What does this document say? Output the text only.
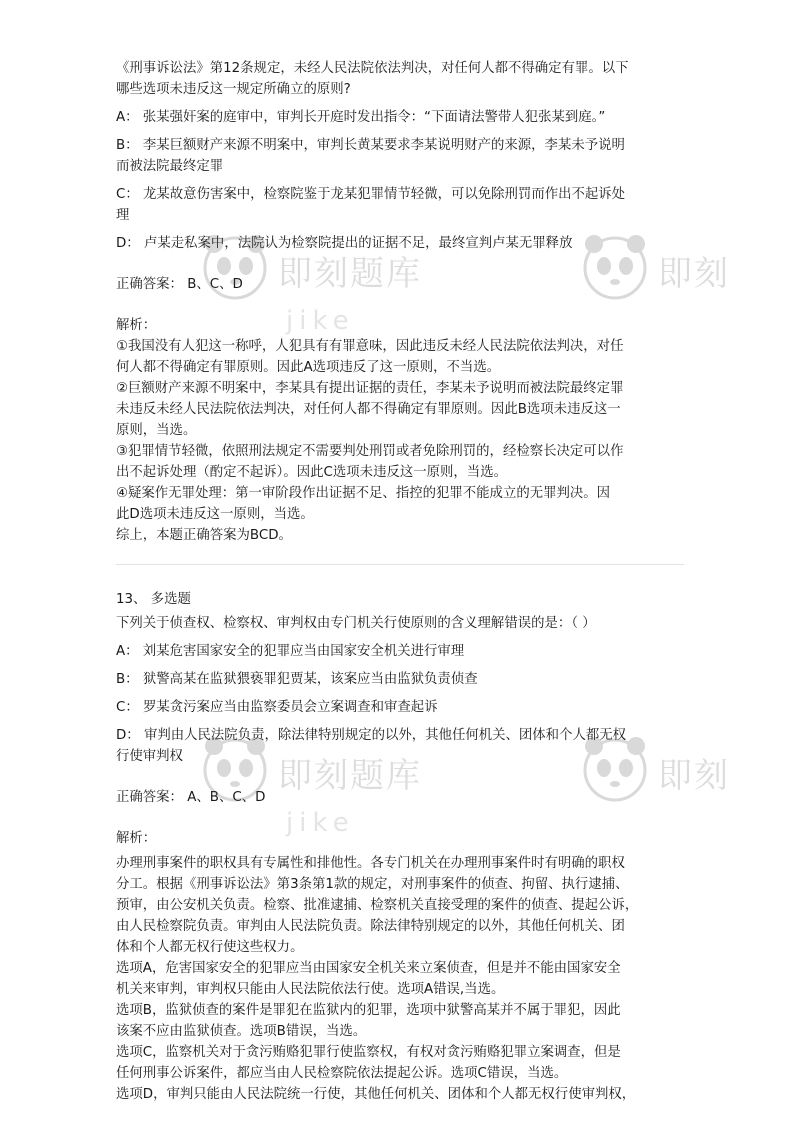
《刑事诉讼法》第12条规定，未经人民法院依法判决，对任何人都不得确定有罪。以下
哪些选项未违反这一规定所确立的原则?
A： 张某强奸案的庭审中，审判长开庭时发出指令：“下面请法警带人犯张某到庭。”
B： 李某巨额财产来源不明案中，审判长黄某要求李某说明财产的来源，李某未予说明
而被法院最终定罪
C： 龙某故意伤害案中，检察院鉴于龙某犯罪情节轻微，可以免除刑罚而作出不起诉处
理
D： 卢某走私案中，法院认为检察院提出的证据不足，最终宣判卢某无罪释放
正确答案： B、C、D
解析：
①我国没有人犯这一称呼，人犯具有有罪意味，因此违反未经人民法院依法判决，对任
何人都不得确定有罪原则。因此A选项违反了这一原则，不当选。
②巨额财产来源不明案中，李某具有提出证据的责任，李某未予说明而被法院最终定罪
未违反未经人民法院依法判决，对任何人都不得确定有罪原则。因此B选项未违反这一
原则，当选。
③犯罪情节轻微，依照刑法规定不需要判处刑罚或者免除刑罚的，经检察长决定可以作
出不起诉处理（酌定不起诉）。因此C选项未违反这一原则，当选。
④疑案作无罪处理：第一审阶段作出证据不足、指控的犯罪不能成立的无罪判决。因
此D选项未违反这一原则，当选。
综上，本题正确答案为BCD。
13、 多选题
下列关于侦查权、检察权、审判权由专门机关行使原则的含义理解错误的是：（ ）
A： 刘某危害国家安全的犯罪应当由国家安全机关进行审理
B： 狱警高某在监狱猥亵罪犯贾某，该案应当由监狱负责侦查
C： 罗某贪污案应当由监察委员会立案调查和审查起诉
D： 审判由人民法院负责，除法律特别规定的以外，其他任何机关、团体和个人都无权
行使审判权
正确答案： A、B、C、D
解析：
办理刑事案件的职权具有专属性和排他性。各专门机关在办理刑事案件时有明确的职权
分工。根据《刑事诉讼法》第3条第1款的规定，对刑事案件的侦查、拘留、执行逮捕、
预审，由公安机关负责。检察、批准逮捕、检察机关直接受理的案件的侦查、提起公诉，
由人民检察院负责。审判由人民法院负责。除法律特别规定的以外，其他任何机关、团
体和个人都无权行使这些权力。
选项A，危害国家安全的犯罪应当由国家安全机关来立案侦查，但是并不能由国家安全
机关来审判，审判权只能由人民法院依法行使。选项A错误,当选。
选项B，监狱侦查的案件是罪犯在监狱内的犯罪，选项中狱警高某并不属于罪犯，因此
该案不应由监狱侦查。选项B错误，当选。
选项C，监察机关对于贪污贿赂犯罪行使监察权，有权对贪污贿赂犯罪立案调查，但是
任何刑事公诉案件，都应当由人民检察院依法提起公诉。选项C错误，当选。
选项D，审判只能由人民法院统一行使，其他任何机关、团体和个人都无权行使审判权，
即刻题库
jike
即刻
即刻题库
jike
即刻
